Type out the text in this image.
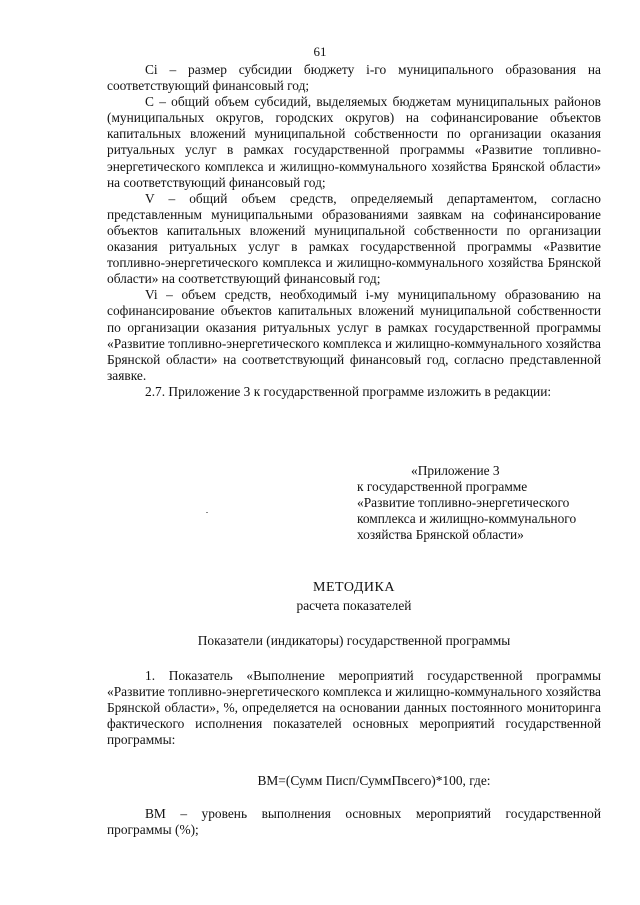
61

Ci – размер субсидии бюджету i-го муниципального образования на соответствующий финансовый год;

С – общий объем субсидий, выделяемых бюджетам муниципальных районов (муниципальных округов, городских округов) на софинансирование объектов капитальных вложений муниципальной собственности по организации оказания ритуальных услуг в рамках государственной программы «Развитие топливно-энергетического комплекса и жилищно-коммунального хозяйства Брянской области» на соответствующий финансовый год;

V – общий объем средств, определяемый департаментом, согласно представленным муниципальными образованиями заявкам на софинансирование объектов капитальных вложений муниципальной собственности по организации оказания ритуальных услуг в рамках государственной программы «Развитие топливно-энергетического комплекса и жилищно-коммунального хозяйства Брянской области» на соответствующий финансовый год;

Vi – объем средств, необходимый i-му муниципальному образованию на софинансирование объектов капитальных вложений муниципальной собственности по организации оказания ритуальных услуг в рамках государственной программы «Развитие топливно-энергетического комплекса и жилищно-коммунального хозяйства Брянской области» на соответствующий финансовый год, согласно представленной заявке.

2.7. Приложение 3 к государственной программе изложить в редакции:

«Приложение 3
к государственной программе
«Развитие топливно-энергетического
комплекса и жилищно-коммунального
хозяйства Брянской области»
МЕТОДИКА
расчета показателей
Показатели (индикаторы) государственной программы

1. Показатель «Выполнение мероприятий государственной программы «Развитие топливно-энергетического комплекса и жилищно-коммунального хозяйства Брянской области», %, определяется на основании данных постоянного мониторинга фактического исполнения показателей основных мероприятий государственной программы:

ВМ=(Сумм Писп/СуммПвсего)*100, где:

ВМ – уровень выполнения основных мероприятий государственной программы (%);
